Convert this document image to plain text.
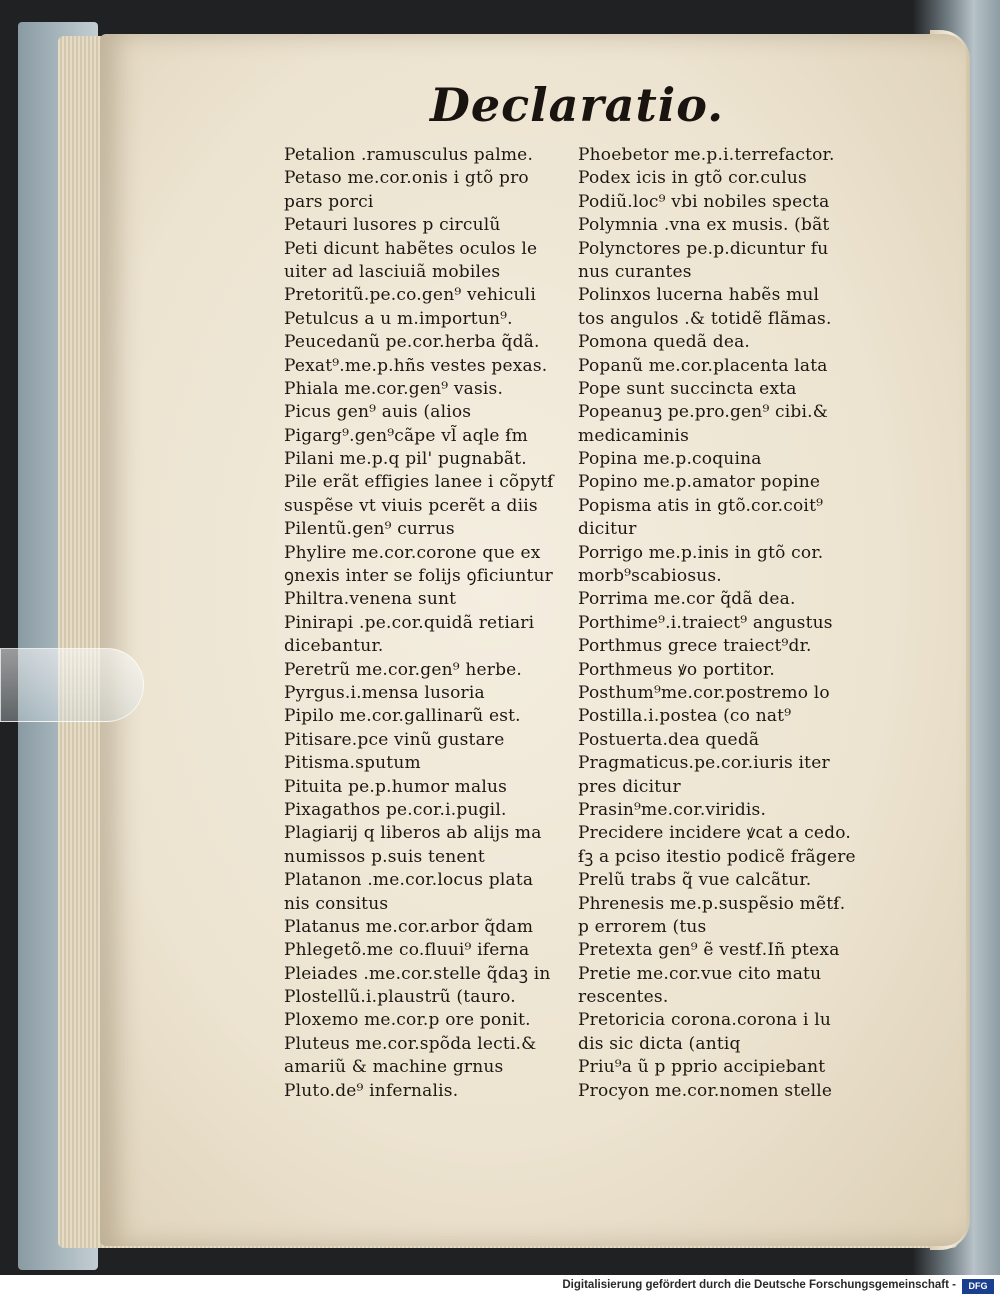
Declaratio.
Petalion .ramusculus palme.
Petaso me.cor.onis i gtõ pro
pars porci
Petauri lusores p circulũ
Peti dicunt habẽtes oculos le
uiter ad lasciuiã mobiles
Pretoritũ.pe.co.gen⁹ vehiculi
Petulcus a u m.importun⁹.
Peucedanũ pe.cor.herba q̃dã.
Pexat⁹.me.p.hñs vestes pexas.
Phiala me.cor.gen⁹ vasis.
Picus gen⁹ auis (alios
Pigarg⁹.gen⁹cãpe vl̃ aqle ẜm
Pilani me.p.q pil' pugnabãt.
Pile erãt effigies lanee i cõpytẜ
suspẽse vt viuis pcerẽt a diis
Pilentũ.gen⁹ currus
Phylire me.cor.corone que ex
ꝯnexis inter se folijs ꝯficiuntur
Philtra.venena sunt
Pinirapi .pe.cor.quidã retiari
dicebantur.
Peretrũ me.cor.gen⁹ herbe.
Pyrgus.i.mensa lusoria
Pipilo me.cor.gallinarũ est.
Pitisare.pce vinũ gustare
Pitisma.sputum
Pituita pe.p.humor malus
Pixagathos pe.cor.i.pugil.
Plagiarij q liberos ab alijs ma
numissos p.suis tenent
Platanon .me.cor.locus plata
nis consitus
Platanus me.cor.arbor q̃dam
Phlegetõ.me co.fluui⁹ iferna
Pleiades .me.cor.stelle q̃daꝫ in
Plostellũ.i.plaustrũ (tauro.
Ploxemo me.cor.p ore ponit.
Pluteus me.cor.spõda lecti.&
amariũ & machine grnus
Pluto.de⁹ infernalis.
Phoebetor me.p.i.terrefactor.
Podex icis in gtõ cor.culus
Podiũ.loc⁹ vbi nobiles specta
Polymnia .vna ex musis. (bãt
Polynctores pe.p.dicuntur fu
nus curantes
Polinxos lucerna habẽs mul
tos angulos .& totidẽ flãmas.
Pomona quedã dea.
Popanũ me.cor.placenta lata
Pope sunt succincta exta
Popeanuꝫ pe.pro.gen⁹ cibi.&
medicaminis
Popina me.p.coquina
Popino me.p.amator popine
Popisma atis in gtõ.cor.coit⁹
dicitur
Porrigo me.p.inis in gtõ cor.
morb⁹scabiosus.
Porrima me.cor q̃dã dea.
Porthime⁹.i.traiect⁹ angustus
Porthmus grece traiect⁹dr.
Porthmeus ꝟo portitor.
Posthum⁹me.cor.postremo lo
Postilla.i.postea (co nat⁹
Postuerta.dea quedã
Pragmaticus.pe.cor.iuris iter
pres dicitur
Prasin⁹me.cor.viridis.
Precidere incidere ꝟcat a cedo.
ẜꝫ a pciso itestio podicẽ frãgere
Prelũ trabs q̃ vue calcãtur.
Phrenesis me.p.suspẽsio mẽtẜ.
p errorem (tus
Pretexta gen⁹ ẽ vestẜ.Iñ ptexa
Pretie me.cor.vue cito matu
rescentes.
Pretoricia corona.corona i lu
dis sic dicta (antiq
Priu⁹a ũ p pprio accipiebant
Procyon me.cor.nomen stelle
Digitalisierung gefördert durch die Deutsche Forschungsgemeinschaft -	DFG
